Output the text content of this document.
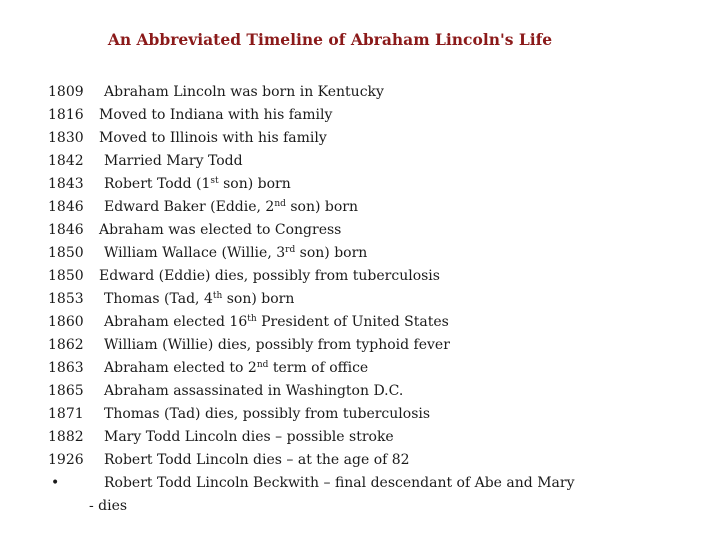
An Abbreviated Timeline of Abraham Lincoln's Life
1809 Abraham Lincoln was born in Kentucky
1816 Moved to Indiana with his family
1830 Moved to Illinois with his family
1842 Married Mary Todd
1843 Robert Todd (1st son) born
1846 Edward Baker (Eddie, 2nd son) born
1846 Abraham was elected to Congress
1850 William Wallace (Willie, 3rd son) born
1850 Edward (Eddie) dies, possibly from tuberculosis
1853 Thomas (Tad, 4th son) born
1860 Abraham elected 16th President of United States
1862 William (Willie) dies, possibly from typhoid fever
1863 Abraham elected to 2nd term of office
1865 Abraham assassinated in Washington D.C.
1871 Thomas (Tad) dies, possibly from tuberculosis
1882 Mary Todd Lincoln dies – possible stroke
1926 Robert Todd Lincoln dies – at the age of 82
•	Robert Todd Lincoln Beckwith – final descendant of Abe and Mary
- dies
